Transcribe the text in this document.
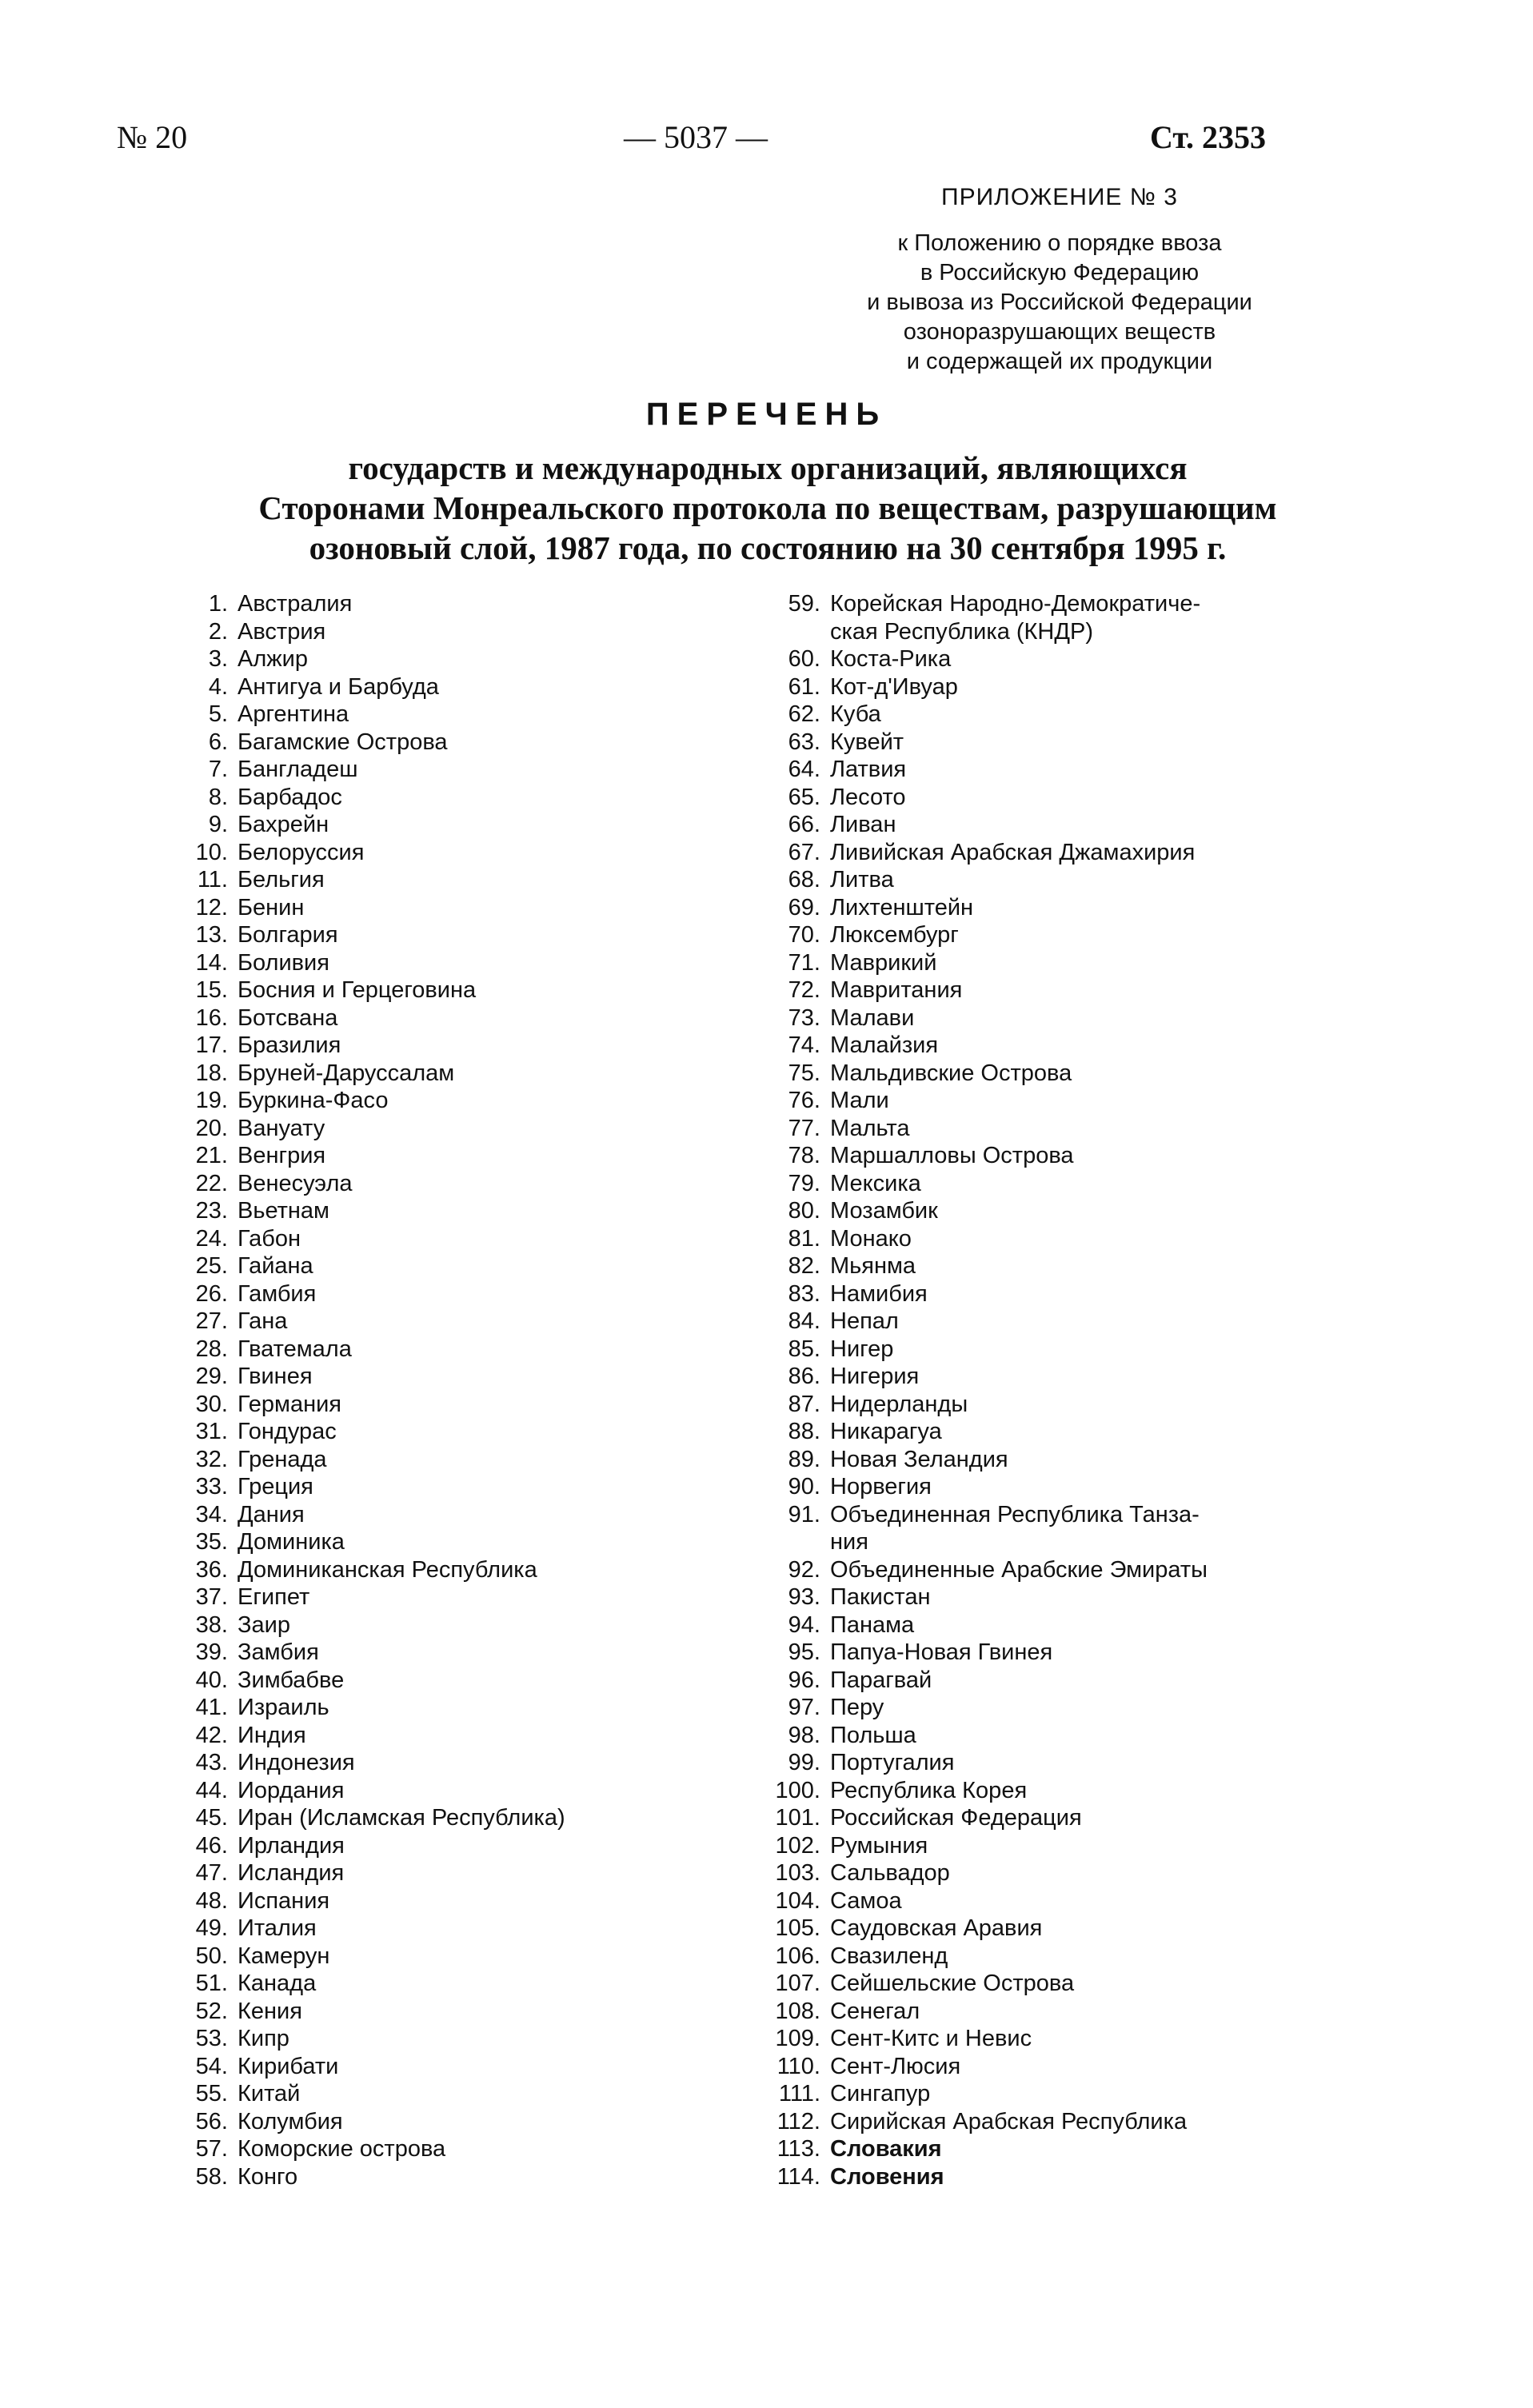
№ 20	— 5037 —	Ст. 2353
ПРИЛОЖЕНИЕ № 3
к Положению о порядке ввоза
в Российскую Федерацию
и вывоза из Российской Федерации
озоноразрушающих веществ
и содержащей их продукции
ПЕРЕЧЕНЬ
государств и международных организаций, являющихся
Сторонами Монреальского протокола по веществам, разрушающим
озоновый слой, 1987 года, по состоянию на 30 сентября 1995 г.
1. Австралия
2. Австрия
3. Алжир
4. Антигуа и Барбуда
5. Аргентина
6. Багамские Острова
7. Бангладеш
8. Барбадос
9. Бахрейн
10. Белоруссия
11. Бельгия
12. Бенин
13. Болгария
14. Боливия
15. Босния и Герцеговина
16. Ботсвана
17. Бразилия
18. Бруней-Даруссалам
19. Буркина-Фасо
20. Вануату
21. Венгрия
22. Венесуэла
23. Вьетнам
24. Габон
25. Гайана
26. Гамбия
27. Гана
28. Гватемала
29. Гвинея
30. Германия
31. Гондурас
32. Гренада
33. Греция
34. Дания
35. Доминика
36. Доминиканская Республика
37. Египет
38. Заир
39. Замбия
40. Зимбабве
41. Израиль
42. Индия
43. Индонезия
44. Иордания
45. Иран (Исламская Республика)
46. Ирландия
47. Исландия
48. Испания
49. Италия
50. Камерун
51. Канада
52. Кения
53. Кипр
54. Кирибати
55. Китай
56. Колумбия
57. Коморские острова
58. Конго
59. Корейская Народно-Демократиче-
ская Республика (КНДР)
60. Коста-Рика
61. Кот-д'Ивуар
62. Куба
63. Кувейт
64. Латвия
65. Лесото
66. Ливан
67. Ливийская Арабская Джамахирия
68. Литва
69. Лихтенштейн
70. Люксембург
71. Маврикий
72. Мавритания
73. Малави
74. Малайзия
75. Мальдивские Острова
76. Мали
77. Мальта
78. Маршалловы Острова
79. Мексика
80. Мозамбик
81. Монако
82. Мьянма
83. Намибия
84. Непал
85. Нигер
86. Нигерия
87. Нидерланды
88. Никарагуа
89. Новая Зеландия
90. Норвегия
91. Объединенная Республика Танза-
ния
92. Объединенные Арабские Эмираты
93. Пакистан
94. Панама
95. Папуа-Новая Гвинея
96. Парагвай
97. Перу
98. Польша
99. Португалия
100. Республика Корея
101. Российская Федерация
102. Румыния
103. Сальвадор
104. Самоа
105. Саудовская Аравия
106. Свазиленд
107. Сейшельские Острова
108. Сенегал
109. Сент-Китс и Невис
110. Сент-Люсия
111. Сингапур
112. Сирийская Арабская Республика
113. Словакия
114. Словения
